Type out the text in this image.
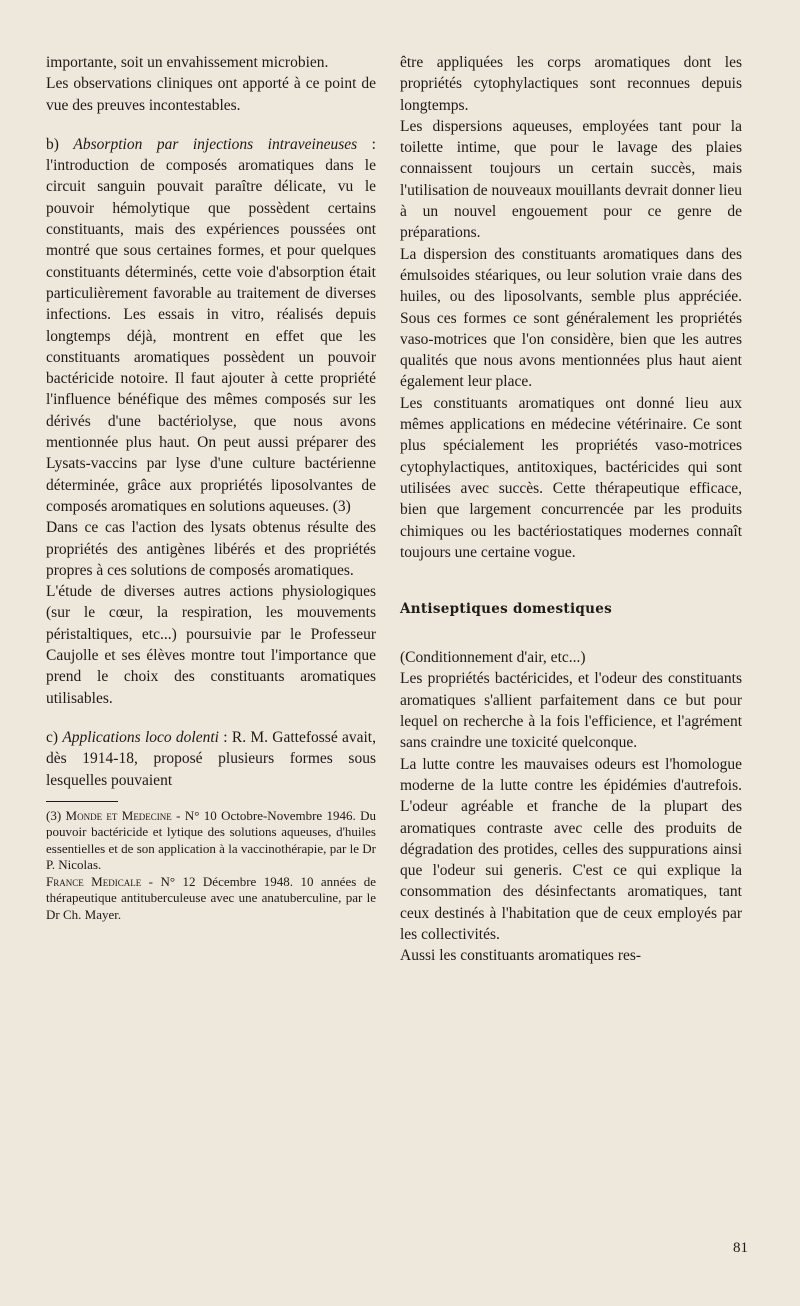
importante, soit un envahissement microbien.

Les observations cliniques ont apporté à ce point de vue des preuves incontestables.

b) Absorption par injections intraveineuses : l'introduction de composés aromatiques dans le circuit sanguin pouvait paraître délicate, vu le pouvoir hémolytique que possèdent certains constituants, mais des expériences poussées ont montré que sous certaines formes, et pour quelques constituants déterminés, cette voie d'absorption était particulièrement favorable au traitement de diverses infections. Les essais in vitro, réalisés depuis longtemps déjà, montrent en effet que les constituants aromatiques possèdent un pouvoir bactéricide notoire. Il faut ajouter à cette propriété l'influence bénéfique des mêmes composés sur les dérivés d'une bactériolyse, que nous avons mentionnée plus haut. On peut aussi préparer des Lysats-vaccins par lyse d'une culture bactérienne déterminée, grâce aux propriétés liposolvantes de composés aromatiques en solutions aqueuses. (3)

Dans ce cas l'action des lysats obtenus résulte des propriétés des antigènes libérés et des propriétés propres à ces solutions de composés aromatiques.

L'étude de diverses autres actions physiologiques (sur le cœur, la respiration, les mouvements péristaltiques, etc...) poursuivie par le Professeur Caujolle et ses élèves montre tout l'importance que prend le choix des constituants aromatiques utilisables.

c) Applications loco dolenti : R. M. Gattefossé avait, dès 1914-18, proposé plusieurs formes sous lesquelles pouvaient

(3) Monde et Medecine - N° 10 Octobre-Novembre 1946. Du pouvoir bactéricide et lytique des solutions aqueuses, d'huiles essentielles et de son application à la vaccinothérapie, par le Dr P. Nicolas.

France Medicale - N° 12 Décembre 1948. 10 années de thérapeutique antituberculeuse avec une anatuberculine, par le Dr Ch. Mayer.

être appliquées les corps aromatiques dont les propriétés cytophylactiques sont reconnues depuis longtemps.

Les dispersions aqueuses, employées tant pour la toilette intime, que pour le lavage des plaies connaissent toujours un certain succès, mais l'utilisation de nouveaux mouillants devrait donner lieu à un nouvel engouement pour ce genre de préparations.

La dispersion des constituants aromatiques dans des émulsoides stéariques, ou leur solution vraie dans des huiles, ou des liposolvants, semble plus appréciée. Sous ces formes ce sont généralement les propriétés vaso-motrices que l'on considère, bien que les autres qualités que nous avons mentionnées plus haut aient également leur place.

Les constituants aromatiques ont donné lieu aux mêmes applications en médecine vétérinaire. Ce sont plus spécialement les propriétés vaso-motrices cytophylactiques, antitoxiques, bactéricides qui sont utilisées avec succès. Cette thérapeutique efficace, bien que largement concurrencée par les produits chimiques ou les bactériostatiques modernes connaît toujours une certaine vogue.

Antiseptiques domestiques

(Conditionnement d'air, etc...)

Les propriétés bactéricides, et l'odeur des constituants aromatiques s'allient parfaitement dans ce but pour lequel on recherche à la fois l'efficience, et l'agrément sans craindre une toxicité quelconque.

La lutte contre les mauvaises odeurs est l'homologue moderne de la lutte contre les épidémies d'autrefois. L'odeur agréable et franche de la plupart des aromatiques contraste avec celle des produits de dégradation des protides, celles des suppurations ainsi que l'odeur sui generis. C'est ce qui explique la consommation des désinfectants aromatiques, tant ceux destinés à l'habitation que de ceux employés par les collectivités.

Aussi les constituants aromatiques res-

81
